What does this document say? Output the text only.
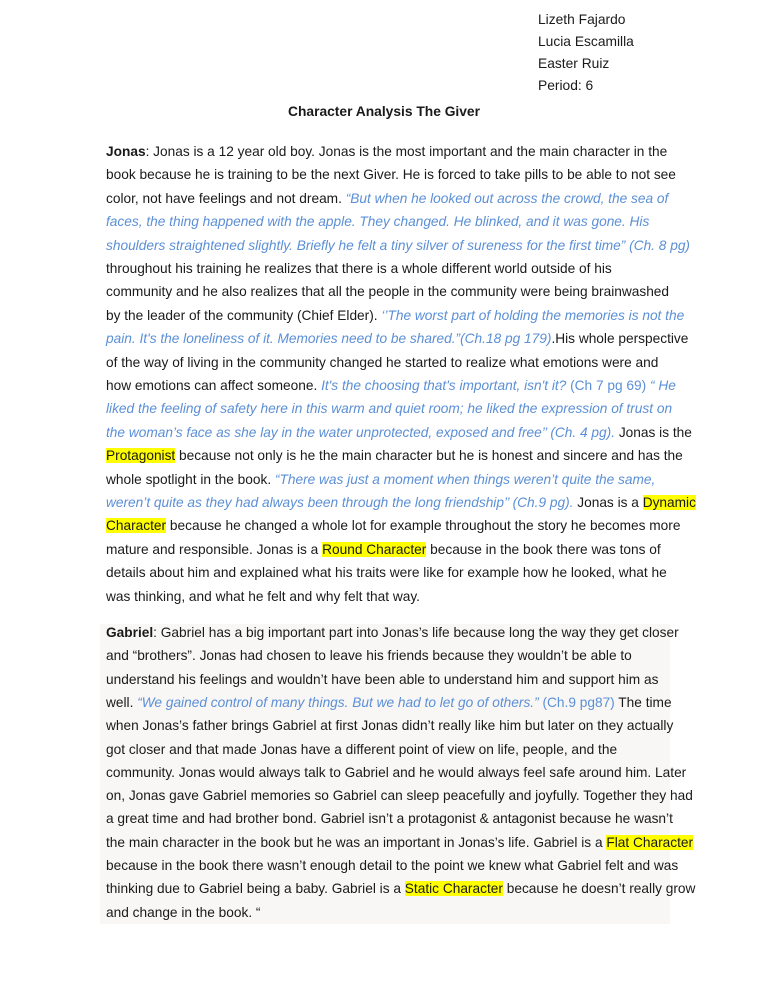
Lizeth Fajardo
Lucia Escamilla
Easter Ruiz
Period: 6
Character Analysis The Giver
Jonas: Jonas is a 12 year old boy. Jonas is the most important and the main character in the
book because he is training to be the next Giver. He is forced to take pills to be able to not see
color, not have feelings and not dream. “But when he looked out across the crowd, the sea of
faces, the thing happened with the apple. They changed. He blinked, and it was gone. His
shoulders straightened slightly. Briefly he felt a tiny silver of sureness for the first time” (Ch. 8 pg)
throughout his training he realizes that there is a whole different world outside of his
community and he also realizes that all the people in the community were being brainwashed
by the leader of the community (Chief Elder). ‘’The worst part of holding the memories is not the
pain. It's the loneliness of it. Memories need to be shared.”(Ch.18 pg 179).His whole perspective
of the way of living in the community changed he started to realize what emotions were and
how emotions can affect someone. It's the choosing that's important, isn't it? (Ch 7 pg 69) “ He
liked the feeling of safety here in this warm and quiet room; he liked the expression of trust on
the woman’s face as she lay in the water unprotected, exposed and free’’ (Ch. 4 pg). Jonas is the
Protagonist because not only is he the main character but he is honest and sincere and has the
whole spotlight in the book. “There was just a moment when things weren’t quite the same,
weren’t quite as they had always been through the long friendship’’ (Ch.9 pg). Jonas is a Dynamic
Character because he changed a whole lot for example throughout the story he becomes more
mature and responsible. Jonas is a Round Character because in the book there was tons of
details about him and explained what his traits were like for example how he looked, what he
was thinking, and what he felt and why felt that way.
Gabriel: Gabriel has a big important part into Jonas’s life because long the way they get closer
and “brothers”. Jonas had chosen to leave his friends because they wouldn’t be able to
understand his feelings and wouldn’t have been able to understand him and support him as
well. “We gained control of many things. But we had to let go of others.” (Ch.9 pg87) The time
when Jonas’s father brings Gabriel at first Jonas didn’t really like him but later on they actually
got closer and that made Jonas have a different point of view on life, people, and the
community. Jonas would always talk to Gabriel and he would always feel safe around him. Later
on, Jonas gave Gabriel memories so Gabriel can sleep peacefully and joyfully. Together they had
a great time and had brother bond. Gabriel isn’t a protagonist & antagonist because he wasn’t
the main character in the book but he was an important in Jonas’s life. Gabriel is a Flat Character
because in the book there wasn’t enough detail to the point we knew what Gabriel felt and was
thinking due to Gabriel being a baby. Gabriel is a Static Character because he doesn’t really grow
and change in the book. “
